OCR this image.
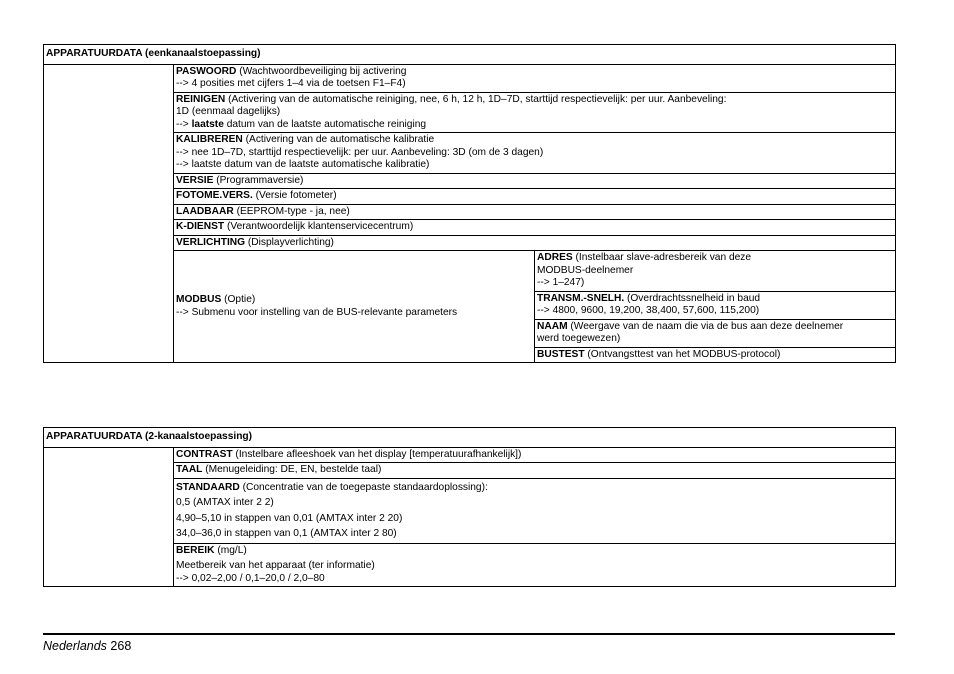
APPARATUURDATA (eenkanaalstoepassing)		
	PASWOORD (Wachtwoordbeveiliging bij activering
--> 4 posities met cijfers 1–4 via de toetsen F1–F4)	

	REINIGEN (Activering van de automatische reiniging, nee, 6 h, 12 h, 1D–7D, starttijd respectievelijk: per uur. Aanbeveling:
1D (eenmaal dagelijks)
--> laatste datum van de laatste automatische reiniging	

	KALIBREREN (Activering van de automatische kalibratie
--> nee 1D–7D, starttijd respectievelijk: per uur. Aanbeveling: 3D (om de 3 dagen)
--> laatste datum van de laatste automatische kalibratie)	

	VERSIE (Programmaversie)	
	FOTOME.VERS. (Versie fotometer)	
	LAADBAAR (EEPROM-type - ja, nee)	
	K-DIENST (Verantwoordelijk klantenservicecentrum)	
	VERLICHTING (Displayverlichting)	
	MODBUS (Optie)
--> Submenu voor instelling van de BUS-relevante parameters	ADRES (Instelbaar slave-adresbereik van deze
MODBUS-deelnemer
--> 1–247)

		TRANSM.-SNELH. (Overdrachtssnelheid in baud
--> 4800, 9600, 19,200, 38,400, 57,600, 115,200)

		NAAM (Weergave van de naam die via de bus aan deze deelnemer
werd toegewezen)

		BUSTEST (Ontvangsttest van het MODBUS-protocol)
APPARATUURDATA (2-kanaalstoepassing)
	CONTRAST (Instelbare afleeshoek van het display [temperatuurafhankelijk])
TAAL (Menugeleiding: DE, EN, bestelde taal)
STANDAARD (Concentratie van de toegepaste standaardoplossing):
0,5 (AMTAX inter 2 2)
4,90–5,10 in stappen van 0,01 (AMTAX inter 2 20)
34,0–36,0 in stappen van 0,1 (AMTAX inter 2 80)

BEREIK (mg/L)
Meetbereik van het apparaat (ter informatie)
--> 0,02–2,00 / 0,1–20,0 / 2,0–80
Nederlands 268
